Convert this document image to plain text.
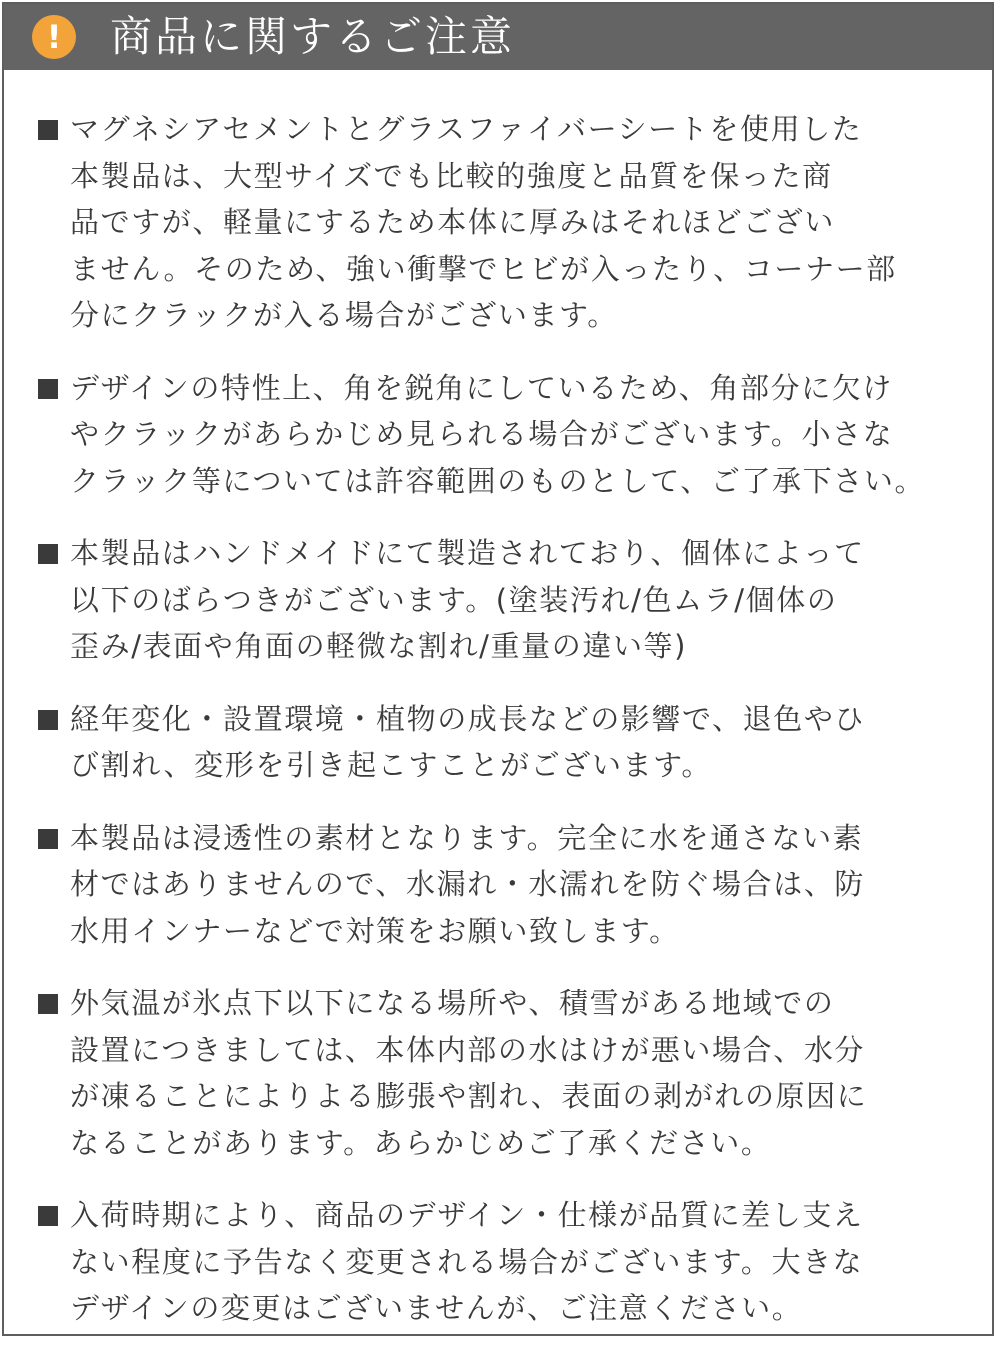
!	商品に関するご注意
マグネシアセメントとグラスファイバーシートを使用した
本製品は、大型サイズでも比較的強度と品質を保った商
品ですが、軽量にするため本体に厚みはそれほどござい
ません。そのため、強い衝撃でヒビが入ったり、コーナー部
分にクラックが入る場合がございます。
デザインの特性上、角を鋭角にしているため、角部分に欠け
やクラックがあらかじめ見られる場合がございます。小さな
クラック等については許容範囲のものとして、ご了承下さい。
本製品はハンドメイドにて製造されており、個体によって
以下のばらつきがございます。(塗装汚れ/色ムラ/個体の
歪み/表面や角面の軽微な割れ/重量の違い等)
経年変化・設置環境・植物の成長などの影響で、退色やひ
び割れ、変形を引き起こすことがございます。
本製品は浸透性の素材となります。完全に水を通さない素
材ではありませんので、水漏れ・水濡れを防ぐ場合は、防
水用インナーなどで対策をお願い致します。
外気温が氷点下以下になる場所や、積雪がある地域での
設置につきましては、本体内部の水はけが悪い場合、水分
が凍ることによりよる膨張や割れ、表面の剥がれの原因に
なることがあります。あらかじめご了承ください。
入荷時期により、商品のデザイン・仕様が品質に差し支え
ない程度に予告なく変更される場合がございます。大きな
デザインの変更はございませんが、ご注意ください。
